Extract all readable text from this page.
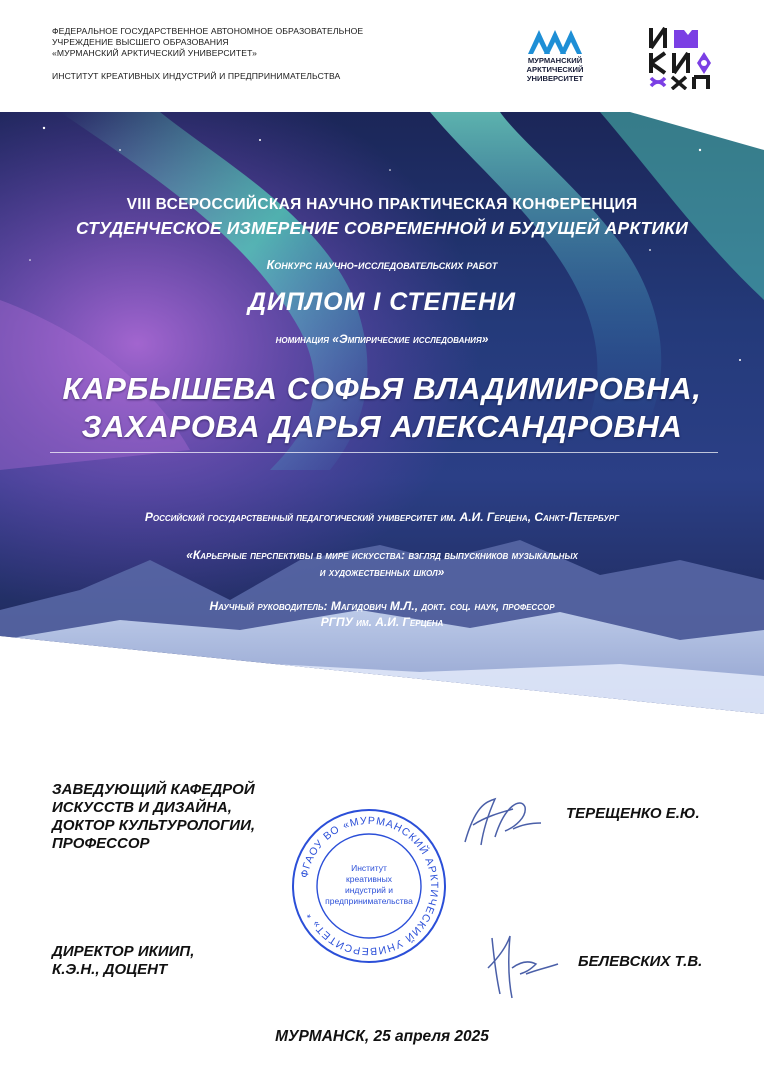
ФЕДЕРАЛЬНОЕ ГОСУДАРСТВЕННОЕ АВТОНОМНОЕ ОБРАЗОВАТЕЛЬНОЕ
УЧРЕЖДЕНИЕ ВЫСШЕГО ОБРАЗОВАНИЯ
«МУРМАНСКИЙ АРКТИЧЕСКИЙ УНИВЕРСИТЕТ»
ИНСТИТУТ КРЕАТИВНЫХ ИНДУСТРИЙ И ПРЕДПРИНИМАТЕЛЬСТВА
МУРМАНСКИЙ
АРКТИЧЕСКИЙ
УНИВЕРСИТЕТ
VIII ВСЕРОССИЙСКАЯ НАУЧНО ПРАКТИЧЕСКАЯ КОНФЕРЕНЦИЯ
СТУДЕНЧЕСКОЕ ИЗМЕРЕНИЕ СОВРЕМЕННОЙ И БУДУЩЕЙ АРКТИКИ
Конкурс научно-исследовательских работ
ДИПЛОМ I СТЕПЕНИ
номинация «Эмпирические исследования»
КАРБЫШЕВА СОФЬЯ ВЛАДИМИРОВНА,
ЗАХАРОВА ДАРЬЯ АЛЕКСАНДРОВНА
Российский государственный педагогический университет им. А.И. Герцена, Санкт-Петербург
«Карьерные перспективы в мире искусства: взгляд выпускников музыкальных
и художественных школ»
Научный руководитель: Магидович М.Л., докт. соц. наук, профессор
РГПУ им. А.И. Герцена
ЗАВЕДУЮЩИЙ КАФЕДРОЙ
ИСКУССТВ И ДИЗАЙНА,
ДОКТОР КУЛЬТУРОЛОГИИ,
ПРОФЕССОР
ТЕРЕЩЕНКО Е.Ю.
ДИРЕКТОР ИКИИП,
К.Э.Н., ДОЦЕНТ	БЕЛЕВСКИХ Т.В.
ФГАОУ ВО «МУРМАНСКИЙ АРКТИЧЕСКИЙ УНИВЕРСИТЕТ» *
Институт
креативных
индустрий и
предпринимательства
МУРМАНСК, 25 апреля 2025
